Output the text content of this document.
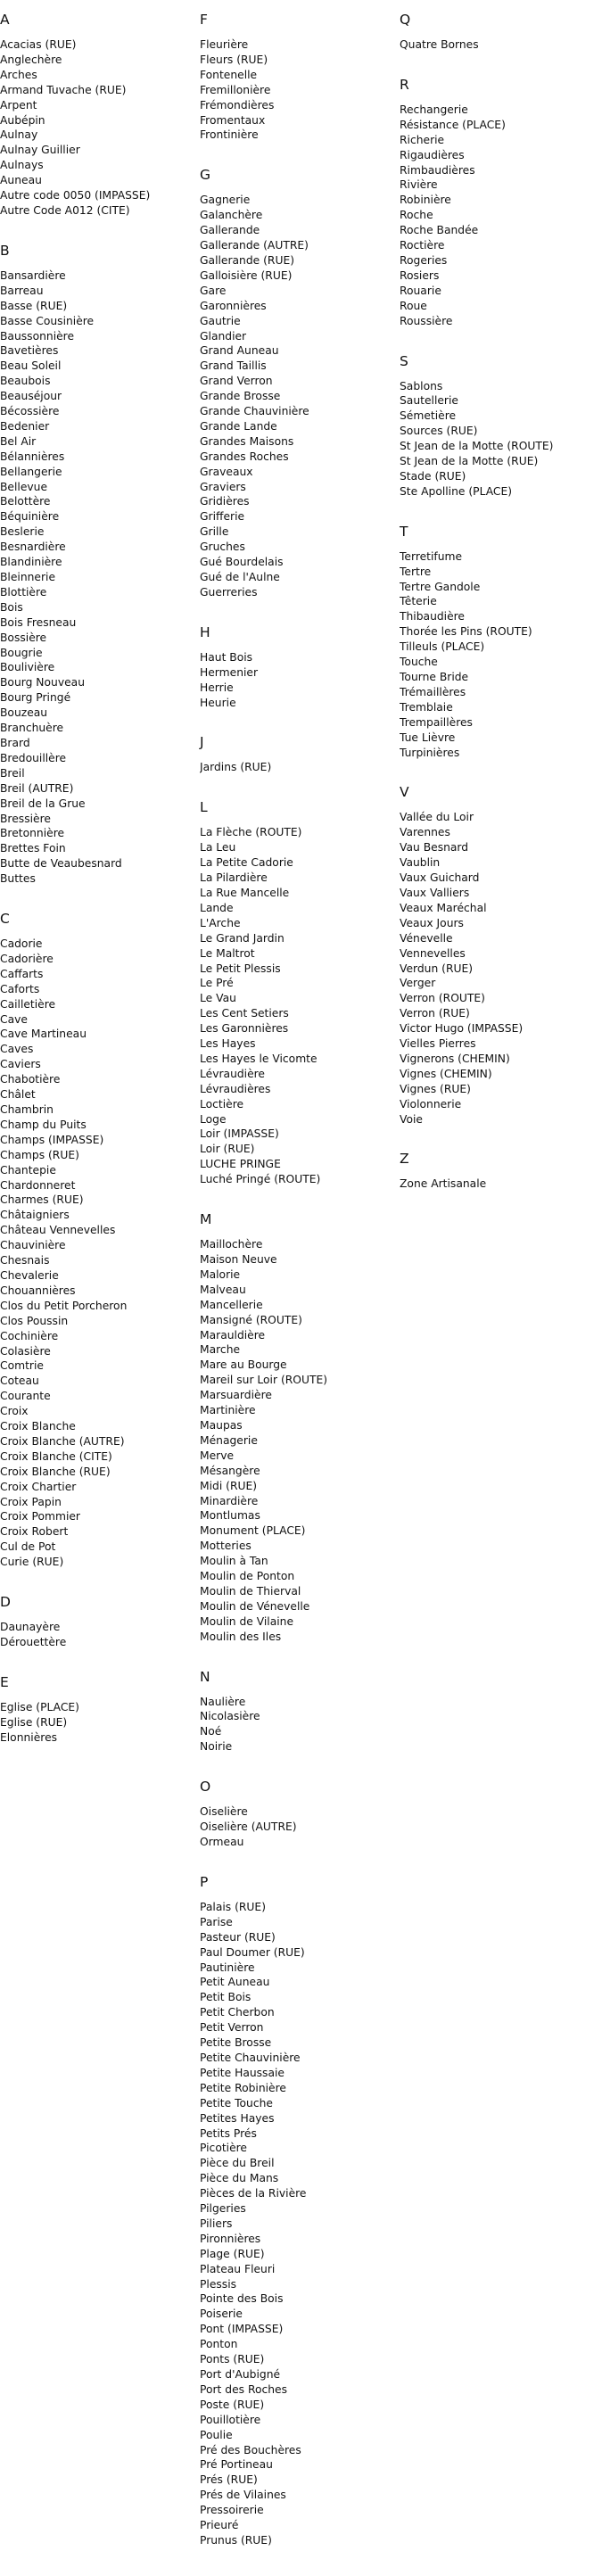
A
Acacias (RUE)
Anglechère
Arches
Armand Tuvache (RUE)
Arpent
Aubépin
Aulnay
Aulnay Guillier
Aulnays
Auneau
Autre code 0050 (IMPASSE)
Autre Code A012 (CITE)
B
Bansardière
Barreau
Basse (RUE)
Basse Cousinière
Baussonnière
Bavetières
Beau Soleil
Beaubois
Beauséjour
Bécossière
Bedenier
Bel Air
Bélannières
Bellangerie
Bellevue
Belottère
Béquinière
Beslerie
Besnardière
Blandinière
Bleinnerie
Blottière
Bois
Bois Fresneau
Bossière
Bougrie
Boulivière
Bourg Nouveau
Bourg Pringé
Bouzeau
Branchuère
Brard
Bredouillère
Breil
Breil (AUTRE)
Breil de la Grue
Bressière
Bretonnière
Brettes Foin
Butte de Veaubesnard
Buttes
C
Cadorie
Cadorière
Caffarts
Caforts
Cailletière
Cave
Cave Martineau
Caves
Caviers
Chabotière
Châlet
Chambrin
Champ du Puits
Champs (IMPASSE)
Champs (RUE)
Chantepie
Chardonneret
Charmes (RUE)
Châtaigniers
Château Vennevelles
Chauvinière
Chesnais
Chevalerie
Chouannières
Clos du Petit Porcheron
Clos Poussin
Cochinière
Colasière
Comtrie
Coteau
Courante
Croix
Croix Blanche
Croix Blanche (AUTRE)
Croix Blanche (CITE)
Croix Blanche (RUE)
Croix Chartier
Croix Papin
Croix Pommier
Croix Robert
Cul de Pot
Curie (RUE)
D
Daunayère
Dérouettère
E
Eglise (PLACE)
Eglise (RUE)
Elonnières
F
Fleurière
Fleurs (RUE)
Fontenelle
Fremillonière
Frémondières
Fromentaux
Frontinière
G
Gagnerie
Galanchère
Gallerande
Gallerande (AUTRE)
Gallerande (RUE)
Galloisière (RUE)
Gare
Garonnières
Gautrie
Glandier
Grand Auneau
Grand Taillis
Grand Verron
Grande Brosse
Grande Chauvinière
Grande Lande
Grandes Maisons
Grandes Roches
Graveaux
Graviers
Gridières
Grifferie
Grille
Gruches
Gué Bourdelais
Gué de l'Aulne
Guerreries
H
Haut Bois
Hermenier
Herrie
Heurie
J
Jardins (RUE)
L
La Flèche (ROUTE)
La Leu
La Petite Cadorie
La Pilardière
La Rue Mancelle
Lande
L'Arche
Le Grand Jardin
Le Maltrot
Le Petit Plessis
Le Pré
Le Vau
Les Cent Setiers
Les Garonnières
Les Hayes
Les Hayes le Vicomte
Lévraudière
Lévraudières
Loctière
Loge
Loir (IMPASSE)
Loir (RUE)
LUCHE PRINGE
Luché Pringé (ROUTE)
M
Maillochère
Maison Neuve
Malorie
Malveau
Mancellerie
Mansigné (ROUTE)
Marauldière
Marche
Mare au Bourge
Mareil sur Loir (ROUTE)
Marsuardière
Martinière
Maupas
Ménagerie
Merve
Mésangère
Midi (RUE)
Minardière
Montlumas
Monument (PLACE)
Motteries
Moulin à Tan
Moulin de Ponton
Moulin de Thierval
Moulin de Vénevelle
Moulin de Vilaine
Moulin des Iles
N
Naulière
Nicolasière
Noé
Noirie
O
Oiselière
Oiselière (AUTRE)
Ormeau
P
Palais (RUE)
Parise
Pasteur (RUE)
Paul Doumer (RUE)
Pautinière
Petit Auneau
Petit Bois
Petit Cherbon
Petit Verron
Petite Brosse
Petite Chauvinière
Petite Haussaie
Petite Robinière
Petite Touche
Petites Hayes
Petits Prés
Picotière
Pièce du Breil
Pièce du Mans
Pièces de la Rivière
Pilgeries
Piliers
Pironnières
Plage (RUE)
Plateau Fleuri
Plessis
Pointe des Bois
Poiserie
Pont (IMPASSE)
Ponton
Ponts (RUE)
Port d'Aubigné
Port des Roches
Poste (RUE)
Pouillotière
Poulie
Pré des Bouchères
Pré Portineau
Prés (RUE)
Prés de Vilaines
Pressoirerie
Prieuré
Prunus (RUE)
Q
Quatre Bornes
R
Rechangerie
Résistance (PLACE)
Richerie
Rigaudières
Rimbaudières
Rivière
Robinière
Roche
Roche Bandée
Roctière
Rogeries
Rosiers
Rouarie
Roue
Roussière
S
Sablons
Sautellerie
Sémetière
Sources (RUE)
St Jean de la Motte (ROUTE)
St Jean de la Motte (RUE)
Stade (RUE)
Ste Apolline (PLACE)
T
Terretifume
Tertre
Tertre Gandole
Têterie
Thibaudière
Thorée les Pins (ROUTE)
Tilleuls (PLACE)
Touche
Tourne Bride
Trémaillères
Tremblaie
Trempaillères
Tue Lièvre
Turpinières
V
Vallée du Loir
Varennes
Vau Besnard
Vaublin
Vaux Guichard
Vaux Valliers
Veaux Maréchal
Veaux Jours
Vénevelle
Vennevelles
Verdun (RUE)
Verger
Verron (ROUTE)
Verron (RUE)
Victor Hugo (IMPASSE)
Vielles Pierres
Vignerons (CHEMIN)
Vignes (CHEMIN)
Vignes (RUE)
Violonnerie
Voie
Z
Zone Artisanale
